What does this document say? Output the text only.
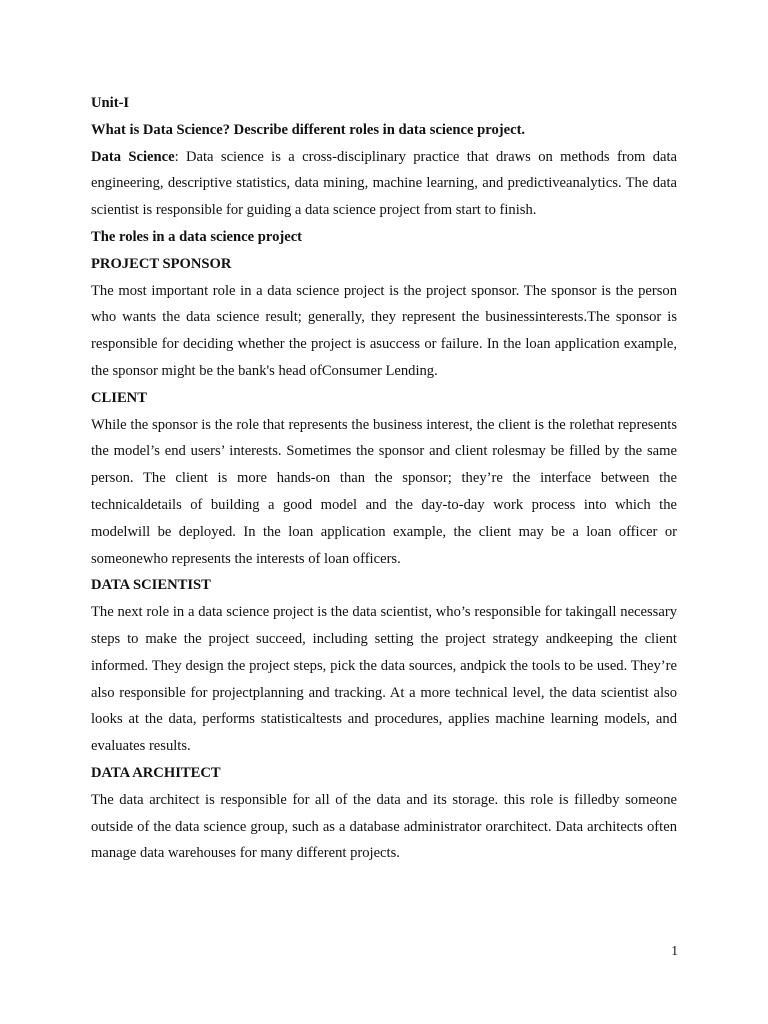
Unit-I
What is Data Science? Describe different roles in data science project.

Data Science: Data science is a cross-disciplinary practice that draws on methods from data engineering, descriptive statistics, data mining, machine learning, and predictiveanalytics. The data scientist is responsible for guiding a data science project from start to finish.

The roles in a data science project
PROJECT SPONSOR

The most important role in a data science project is the project sponsor. The sponsor is the person who wants the data science result; generally, they represent the businessinterests.The sponsor is responsible for deciding whether the project is asuccess or failure. In the loan application example, the sponsor might be the bank's head ofConsumer Lending.

CLIENT

While the sponsor is the role that represents the business interest, the client is the rolethat represents the model’s end users’ interests. Sometimes the sponsor and client rolesmay be filled by the same person. The client is more hands-on than the sponsor; they’re the interface between the technicaldetails of building a good model and the day-to-day work process into which the modelwill be deployed. In the loan application example, the client may be a loan officer or someonewho represents the interests of loan officers.

DATA SCIENTIST

The next role in a data science project is the data scientist, who’s responsible for takingall necessary steps to make the project succeed, including setting the project strategy andkeeping the client informed. They design the project steps, pick the data sources, andpick the tools to be used. They’re also responsible for projectplanning and tracking. At a more technical level, the data scientist also looks at the data, performs statisticaltests and procedures, applies machine learning models, and evaluates results.

DATA ARCHITECT

The data architect is responsible for all of the data and its storage. this role is filledby someone outside of the data science group, such as a database administrator orarchitect. Data architects often manage data warehouses for many different projects.

1
